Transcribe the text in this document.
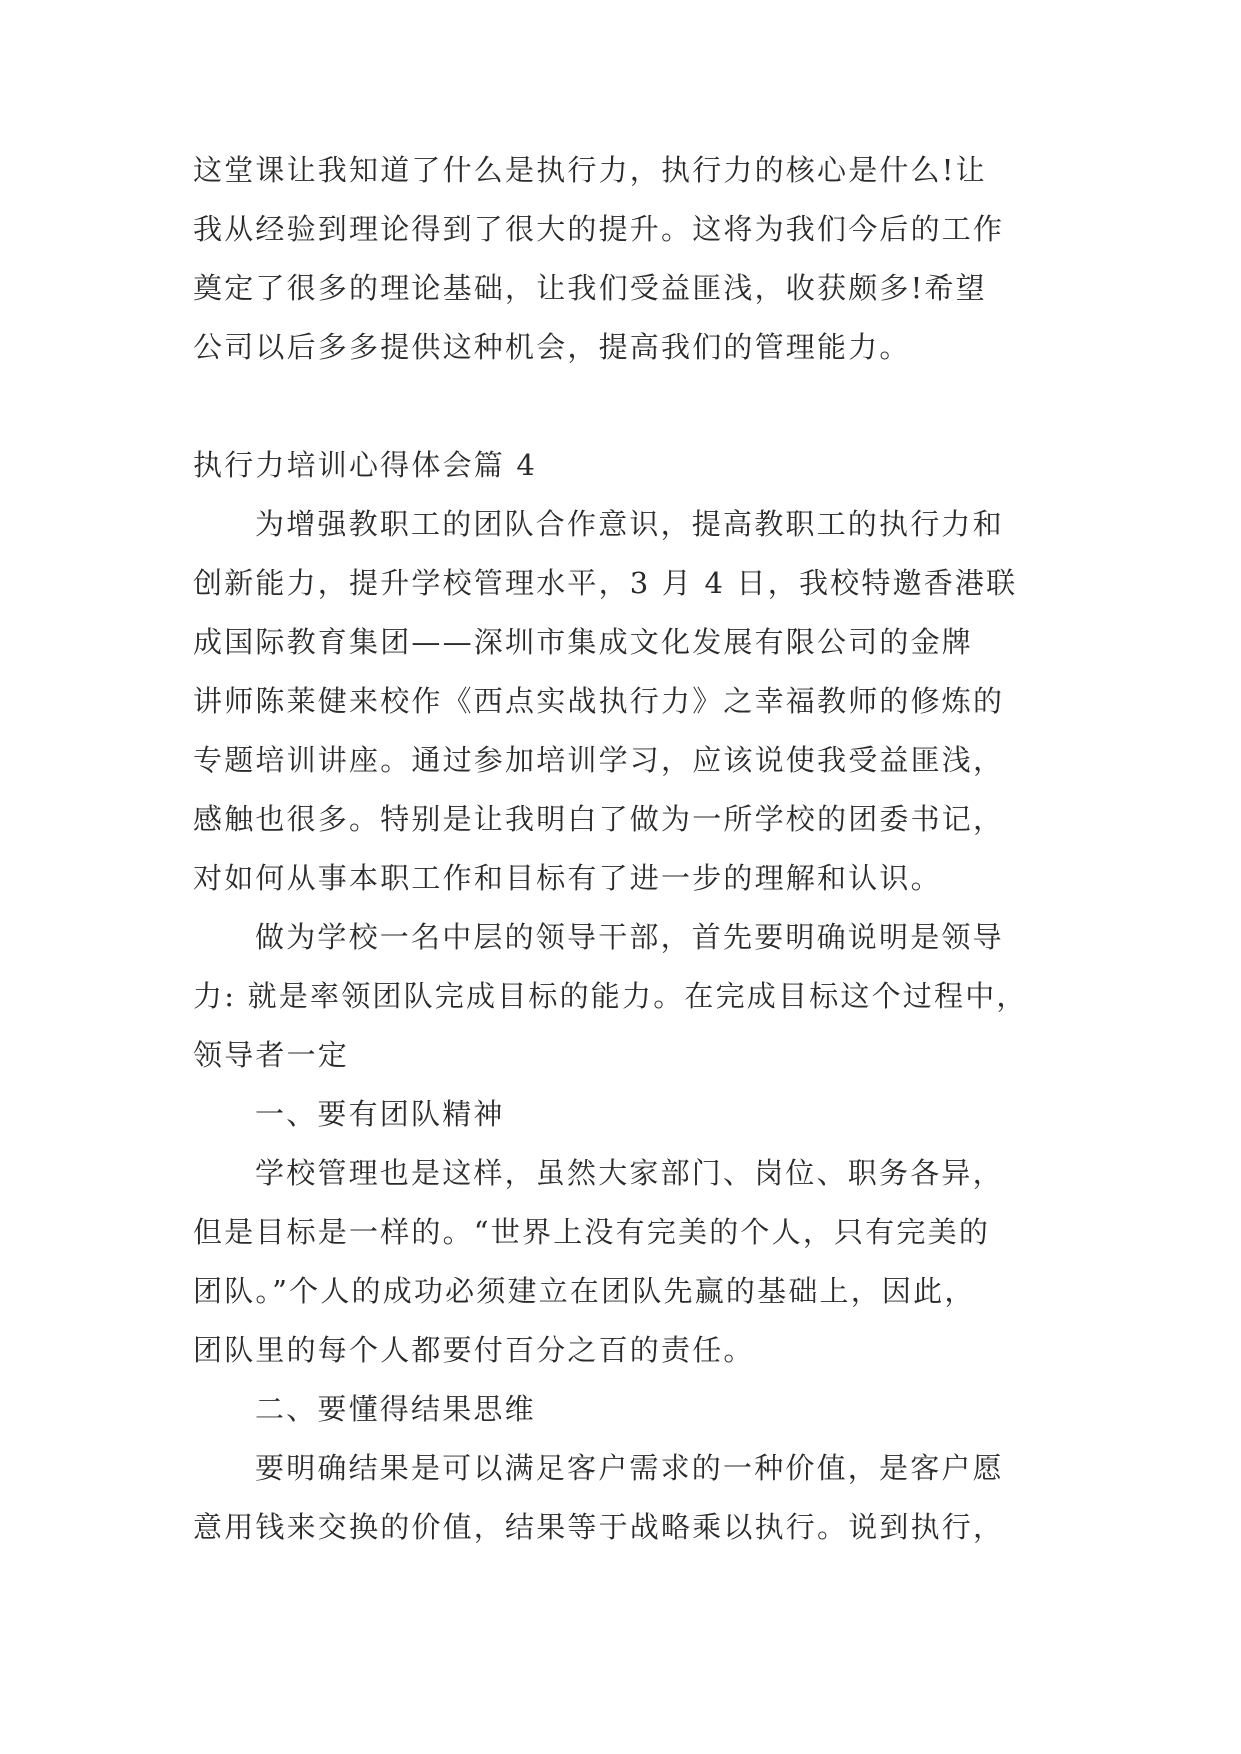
这堂课让我知道了什么是执行力，执行力的核心是什么!让
我从经验到理论得到了很大的提升。这将为我们今后的工作
奠定了很多的理论基础，让我们受益匪浅，收获颇多!希望
公司以后多多提供这种机会，提高我们的管理能力。
执行力培训心得体会篇 4
为增强教职工的团队合作意识，提高教职工的执行力和
创新能力，提升学校管理水平，3 月 4 日，我校特邀香港联
成国际教育集团——深圳市集成文化发展有限公司的金牌
讲师陈莱健来校作《西点实战执行力》之幸福教师的修炼的
专题培训讲座。通过参加培训学习，应该说使我受益匪浅，
感触也很多。特别是让我明白了做为一所学校的团委书记，
对如何从事本职工作和目标有了进一步的理解和认识。
做为学校一名中层的领导干部，首先要明确说明是领导
力: 就是率领团队完成目标的能力。在完成目标这个过程中，
领导者一定
一、要有团队精神
学校管理也是这样，虽然大家部门、岗位、职务各异，
但是目标是一样的。“世界上没有完美的个人，只有完美的
团队。”个人的成功必须建立在团队先赢的基础上，因此，
团队里的每个人都要付百分之百的责任。
二、要懂得结果思维
要明确结果是可以满足客户需求的一种价值，是客户愿
意用钱来交换的价值，结果等于战略乘以执行。说到执行，
